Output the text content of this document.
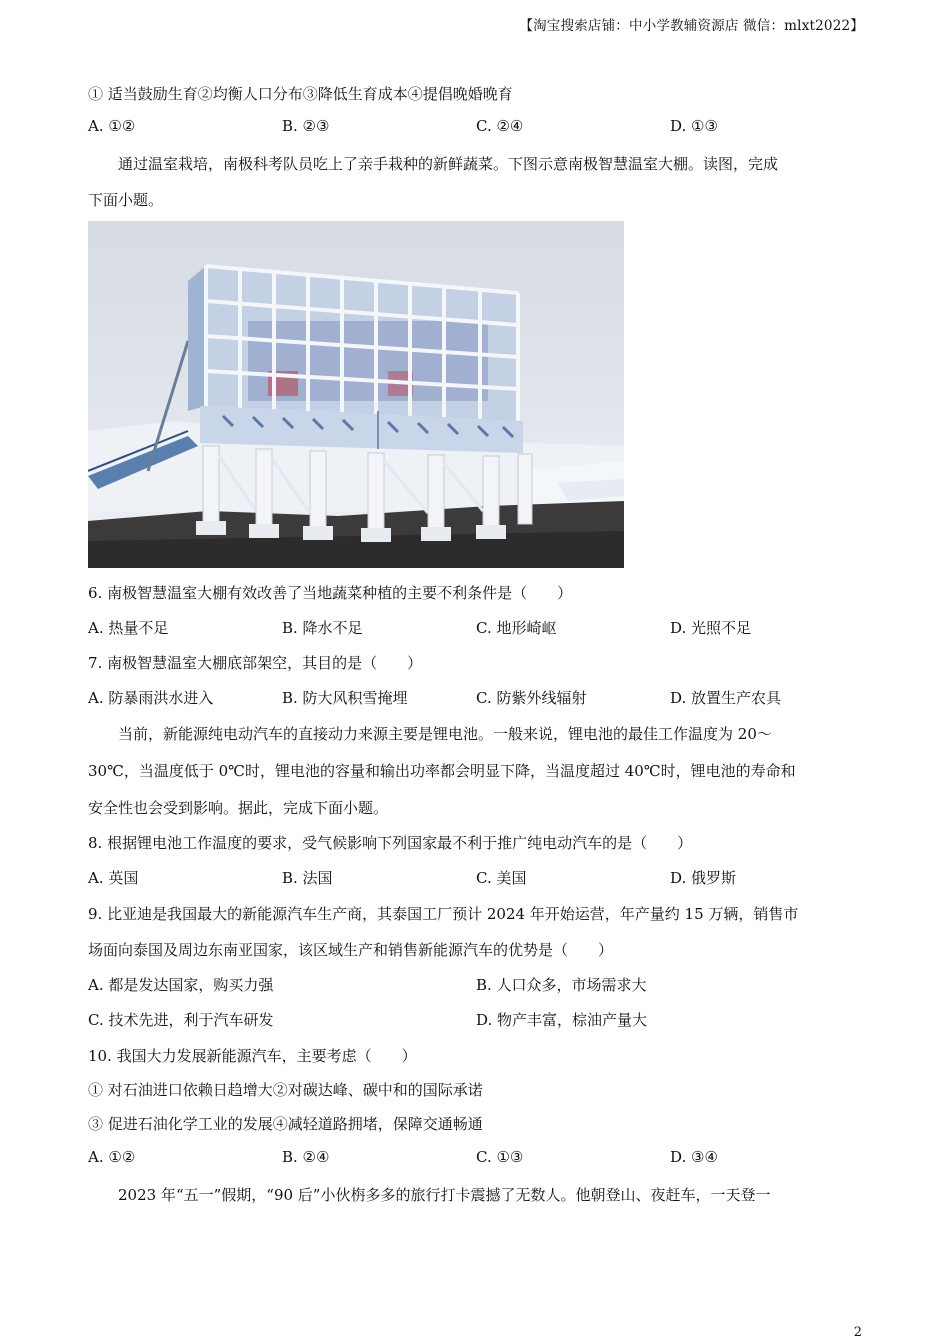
【淘宝搜索店铺：中小学教辅资源店 微信：mlxt2022】
① 适当鼓励生育②均衡人口分布③降低生育成本④提倡晚婚晚育
A. ①②	B. ②③	C. ②④	D. ①③
通过温室栽培，南极科考队员吃上了亲手栽种的新鲜蔬菜。下图示意南极智慧温室大棚。读图，完成
下面小题。
6. 南极智慧温室大棚有效改善了当地蔬菜种植的主要不利条件是（　　）
A. 热量不足	B. 降水不足	C. 地形崎岖	D. 光照不足
7. 南极智慧温室大棚底部架空，其目的是（　　）
A. 防暴雨洪水进入	B. 防大风积雪掩埋	C. 防紫外线辐射	D. 放置生产农具
当前，新能源纯电动汽车的直接动力来源主要是锂电池。一般来说，锂电池的最佳工作温度为 20～
30℃，当温度低于 0℃时，锂电池的容量和输出功率都会明显下降，当温度超过 40℃时，锂电池的寿命和
安全性也会受到影响。据此，完成下面小题。
8. 根据锂电池工作温度的要求，受气候影响下列国家最不利于推广纯电动汽车的是（　　）
A. 英国	B. 法国	C. 美国	D. 俄罗斯
9. 比亚迪是我国最大的新能源汽车生产商，其泰国工厂预计 2024 年开始运营，年产量约 15 万辆，销售市
场面向泰国及周边东南亚国家，该区域生产和销售新能源汽车的优势是（　　）
A. 都是发达国家，购买力强	B. 人口众多，市场需求大
C. 技术先进，利于汽车研发	D. 物产丰富，棕油产量大
10. 我国大力发展新能源汽车，主要考虑（　　）
① 对石油进口依赖日趋增大②对碳达峰、碳中和的国际承诺
③ 促进石油化学工业的发展④减轻道路拥堵，保障交通畅通
A. ①②	B. ②④	C. ①③	D. ③④
2023 年“五一”假期，“90 后”小伙栴多多的旅行打卡震撼了无数人。他朝登山、夜赶车，一天登一
2
